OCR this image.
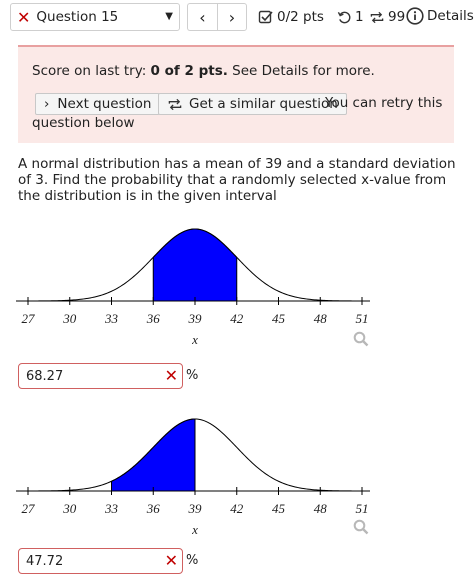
✕ Question 15	▼	‹	›	0/2 pts 1 99 Details
Score on last try: 0 of 2 pts. See Details for more.
› Next question	Get a similar question
You can retry this
question below
A normal distribution has a mean of 39 and a standard deviation of 3. Find the probability that a randomly selected x-value from the distribution is in the given interval
27 30 33 36 39 42 45 48 51
x
68.27	✕ %
27 30 33 36 39 42 45 48 51
x
47.72	✕ %
